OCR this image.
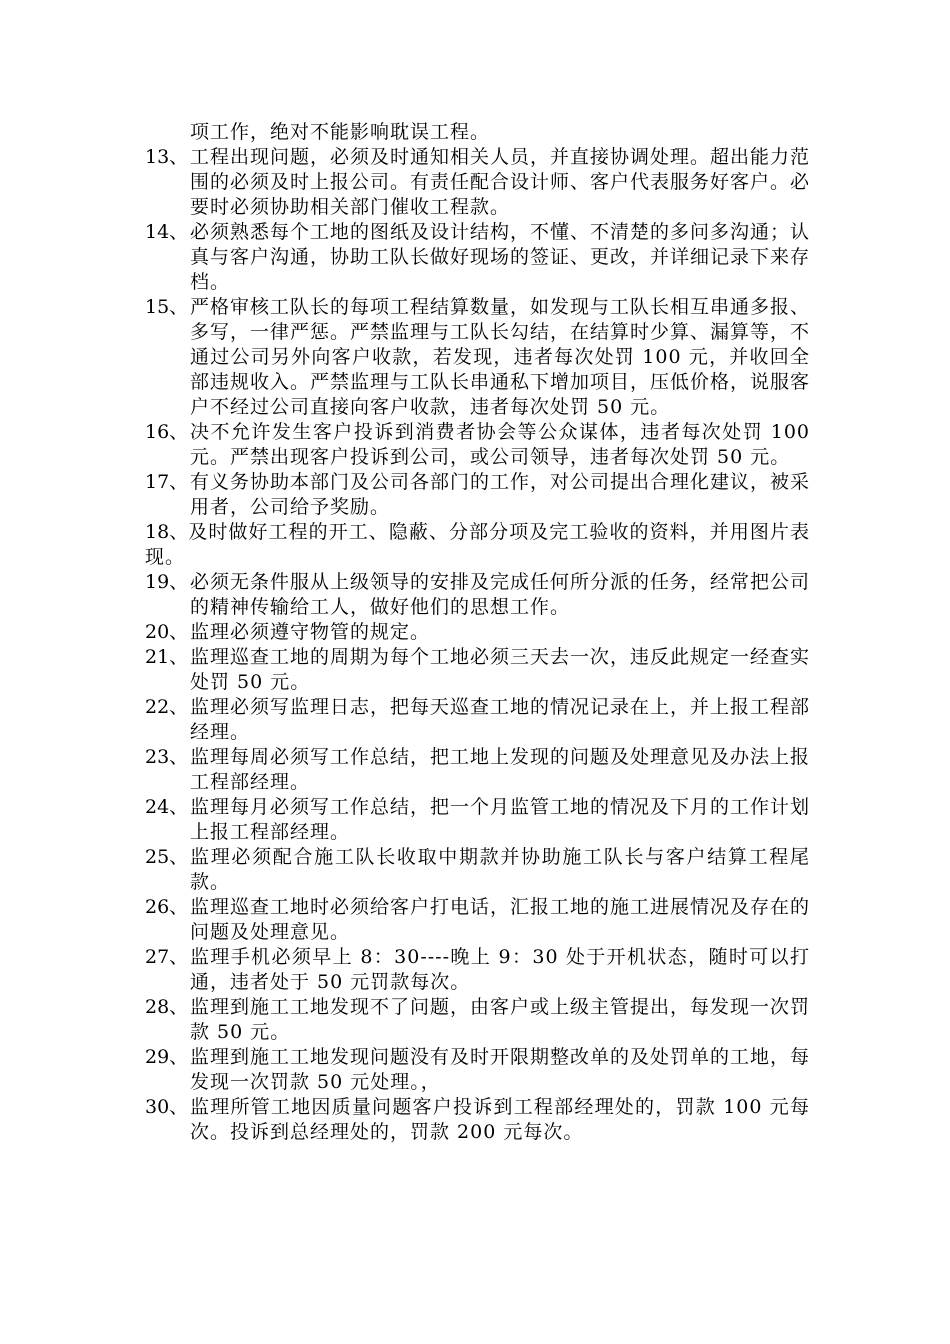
项工作，绝对不能影响耽误工程。
13、 工程出现问题，必须及时通知相关人员，并直接协调处理。超出能力范围的必须及时上报公司。有责任配合设计师、客户代表服务好客户。必要时必须协助相关部门催收工程款。
14、 必须熟悉每个工地的图纸及设计结构，不懂、不清楚的多问多沟通；认真与客户沟通，协助工队长做好现场的签证、更改，并详细记录下来存档。
15、 严格审核工队长的每项工程结算数量，如发现与工队长相互串通多报、多写，一律严惩。严禁监理与工队长勾结，在结算时少算、漏算等，不通过公司另外向客户收款，若发现，违者每次处罚 100 元，并收回全部违规收入。严禁监理与工队长串通私下增加项目，压低价格，说服客户不经过公司直接向客户收款，违者每次处罚 50 元。
16、 决不允许发生客户投诉到消费者协会等公众谋体，违者每次处罚 100 元。严禁出现客户投诉到公司，或公司领导，违者每次处罚 50 元。
17、 有义务协助本部门及公司各部门的工作，对公司提出合理化建议，被采用者，公司给予奖励。
18、及时做好工程的开工、隐蔽、分部分项及完工验收的资料，并用图片表现。
19、 必须无条件服从上级领导的安排及完成任何所分派的任务，经常把公司的精神传输给工人，做好他们的思想工作。
20、 监理必须遵守物管的规定。
21、 监理巡查工地的周期为每个工地必须三天去一次，违反此规定一经查实处罚 50 元。
22、 监理必须写监理日志，把每天巡查工地的情况记录在上，并上报工程部经理。
23、 监理每周必须写工作总结，把工地上发现的问题及处理意见及办法上报工程部经理。
24、 监理每月必须写工作总结，把一个月监管工地的情况及下月的工作计划上报工程部经理。
25、 监理必须配合施工队长收取中期款并协助施工队长与客户结算工程尾款。
26、 监理巡查工地时必须给客户打电话，汇报工地的施工进展情况及存在的问题及处理意见。
27、 监理手机必须早上 8：30----晚上 9：30 处于开机状态，随时可以打通，违者处于 50 元罚款每次。
28、 监理到施工工地发现不了问题，由客户或上级主管提出，每发现一次罚款 50 元。
29、 监理到施工工地发现问题没有及时开限期整改单的及处罚单的工地，每发现一次罚款 50 元处理。，
30、 监理所管工地因质量问题客户投诉到工程部经理处的，罚款 100 元每次。投诉到总经理处的，罚款 200 元每次。
